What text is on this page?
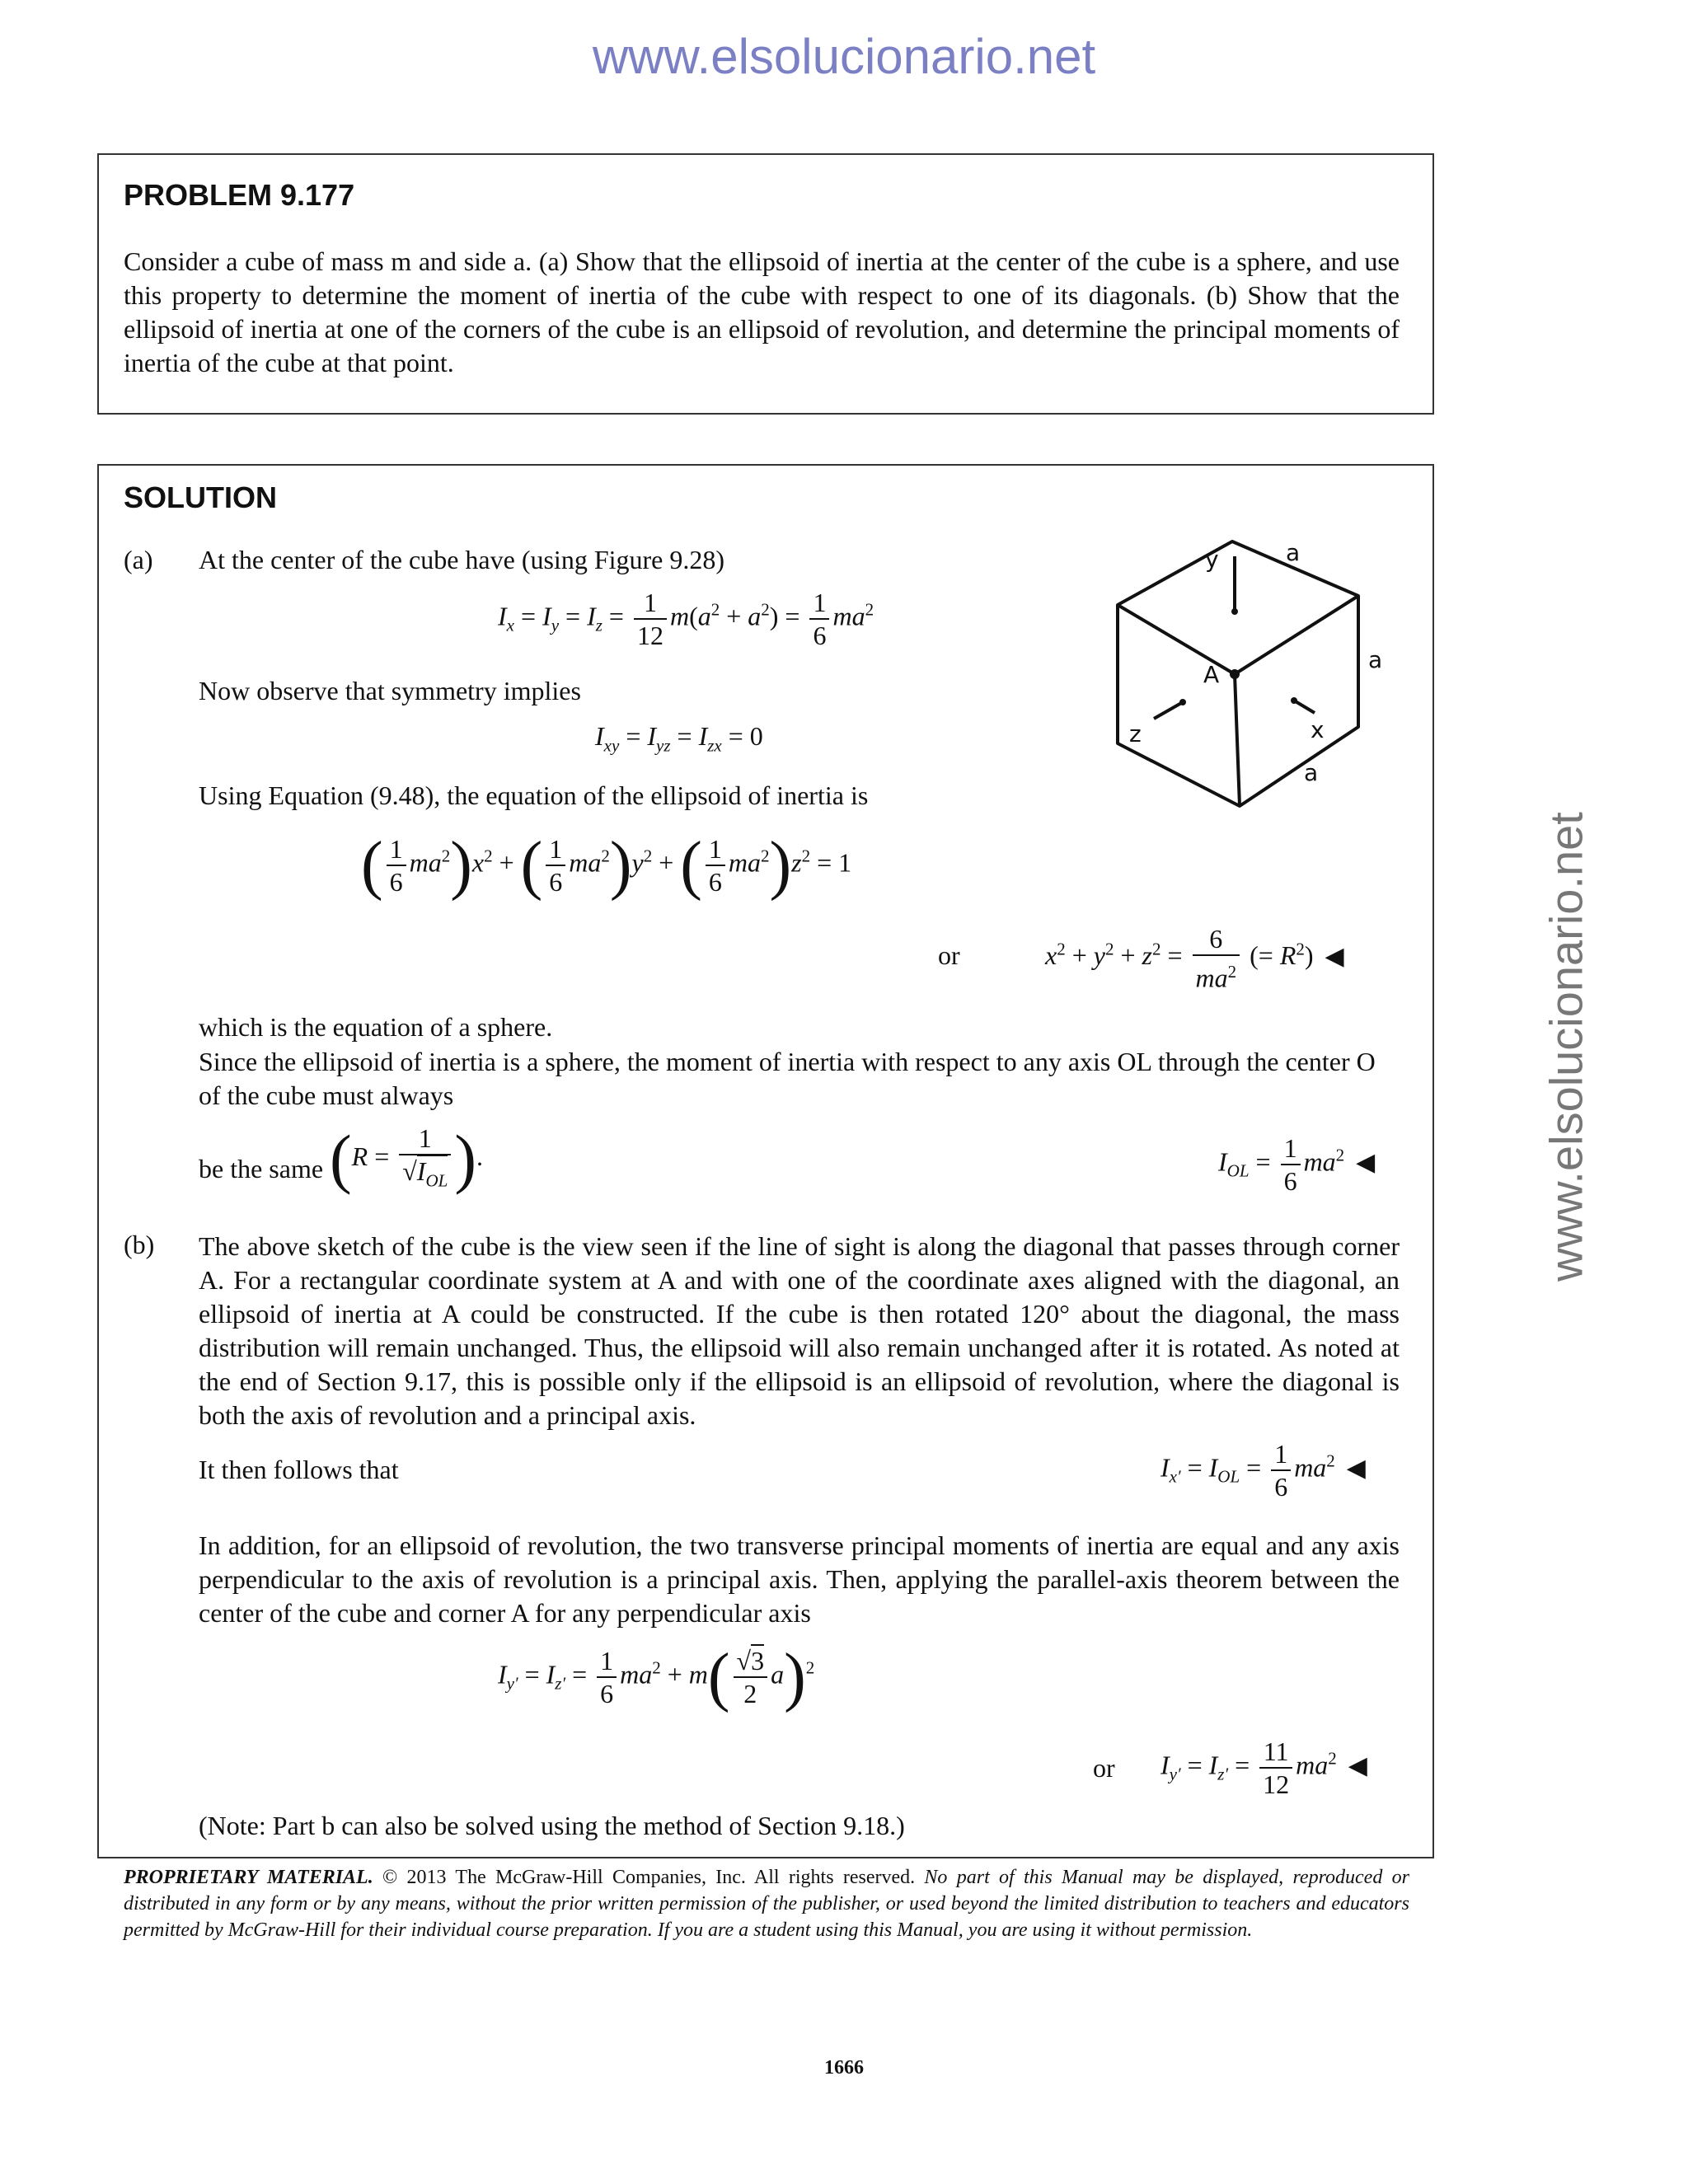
www.elsolucionario.net
www.elsolucionario.net
PROBLEM 9.177
Consider a cube of mass m and side a. (a) Show that the ellipsoid of inertia at the center of the cube is a sphere, and use this property to determine the moment of inertia of the cube with respect to one of its diagonals. (b) Show that the ellipsoid of inertia at one of the corners of the cube is an ellipsoid of revolution, and determine the principal moments of inertia of the cube at that point.
SOLUTION
(a) At the center of the cube have (using Figure 9.28)
$I_x = I_y = I_z = \frac{1}{12} m(a^2 + a^2) = \frac{1}{6} ma^2$
Now observe that symmetry implies
$I_{xy} = I_{yz} = I_{zx} = 0$
Using Equation (9.48), the equation of the ellipsoid of inertia is
( $\frac{1}{6} ma^2)x^2$ + ( $\frac{1}{6} ma^2)y^2$ + ( $\frac{1}{6} ma^2)z^2 = 1$
or	$x^2 + y^2 + z^2 = \frac{6}{ma^2}$ (= $R^2$) ◀
which is the equation of a sphere.
Since the ellipsoid of inertia is a sphere, the moment of inertia with respect to any axis OL through the center O of the cube must always
be the same ($R = \frac{1}{√I_{OL}}$ ).	$I_{OL} = \frac{1}{6} ma^2$ ◀
(b) The above sketch of the cube is the view seen if the line of sight is along the diagonal that passes through corner A. For a rectangular coordinate system at A and with one of the coordinate axes aligned with the diagonal, an ellipsoid of inertia at A could be constructed. If the cube is then rotated 120° about the diagonal, the mass distribution will remain unchanged. Thus, the ellipsoid will also remain unchanged after it is rotated. As noted at the end of Section 9.17, this is possible only if the ellipsoid is an ellipsoid of revolution, where the diagonal is both the axis of revolution and a principal axis.
It then follows that	$I_{x'} = I_{OL} = \frac{1}{6} ma^2$ ◀
In addition, for an ellipsoid of revolution, the two transverse principal moments of inertia are equal and any axis perpendicular to the axis of revolution is a principal axis. Then, applying the parallel-axis theorem between the center of the cube and corner A for any perpendicular axis
$I_{y'} = I_{z'} = \frac{1}{6} ma^2 + m( \frac{√3}{2} a)^2$
or $I_{y'} = I_{z'} = \frac{11}{12} ma^2$ ◀
(Note: Part b can also be solved using the method of Section 9.18.)
y	a
a
A
z	x
a
PROPRIETARY MATERIAL. © 2013 The McGraw-Hill Companies, Inc. All rights reserved. No part of this Manual may be displayed, reproduced or distributed in any form or by any means, without the prior written permission of the publisher, or used beyond the limited distribution to teachers and educators permitted by McGraw-Hill for their individual course preparation. If you are a student using this Manual, you are using it without permission.
1666
